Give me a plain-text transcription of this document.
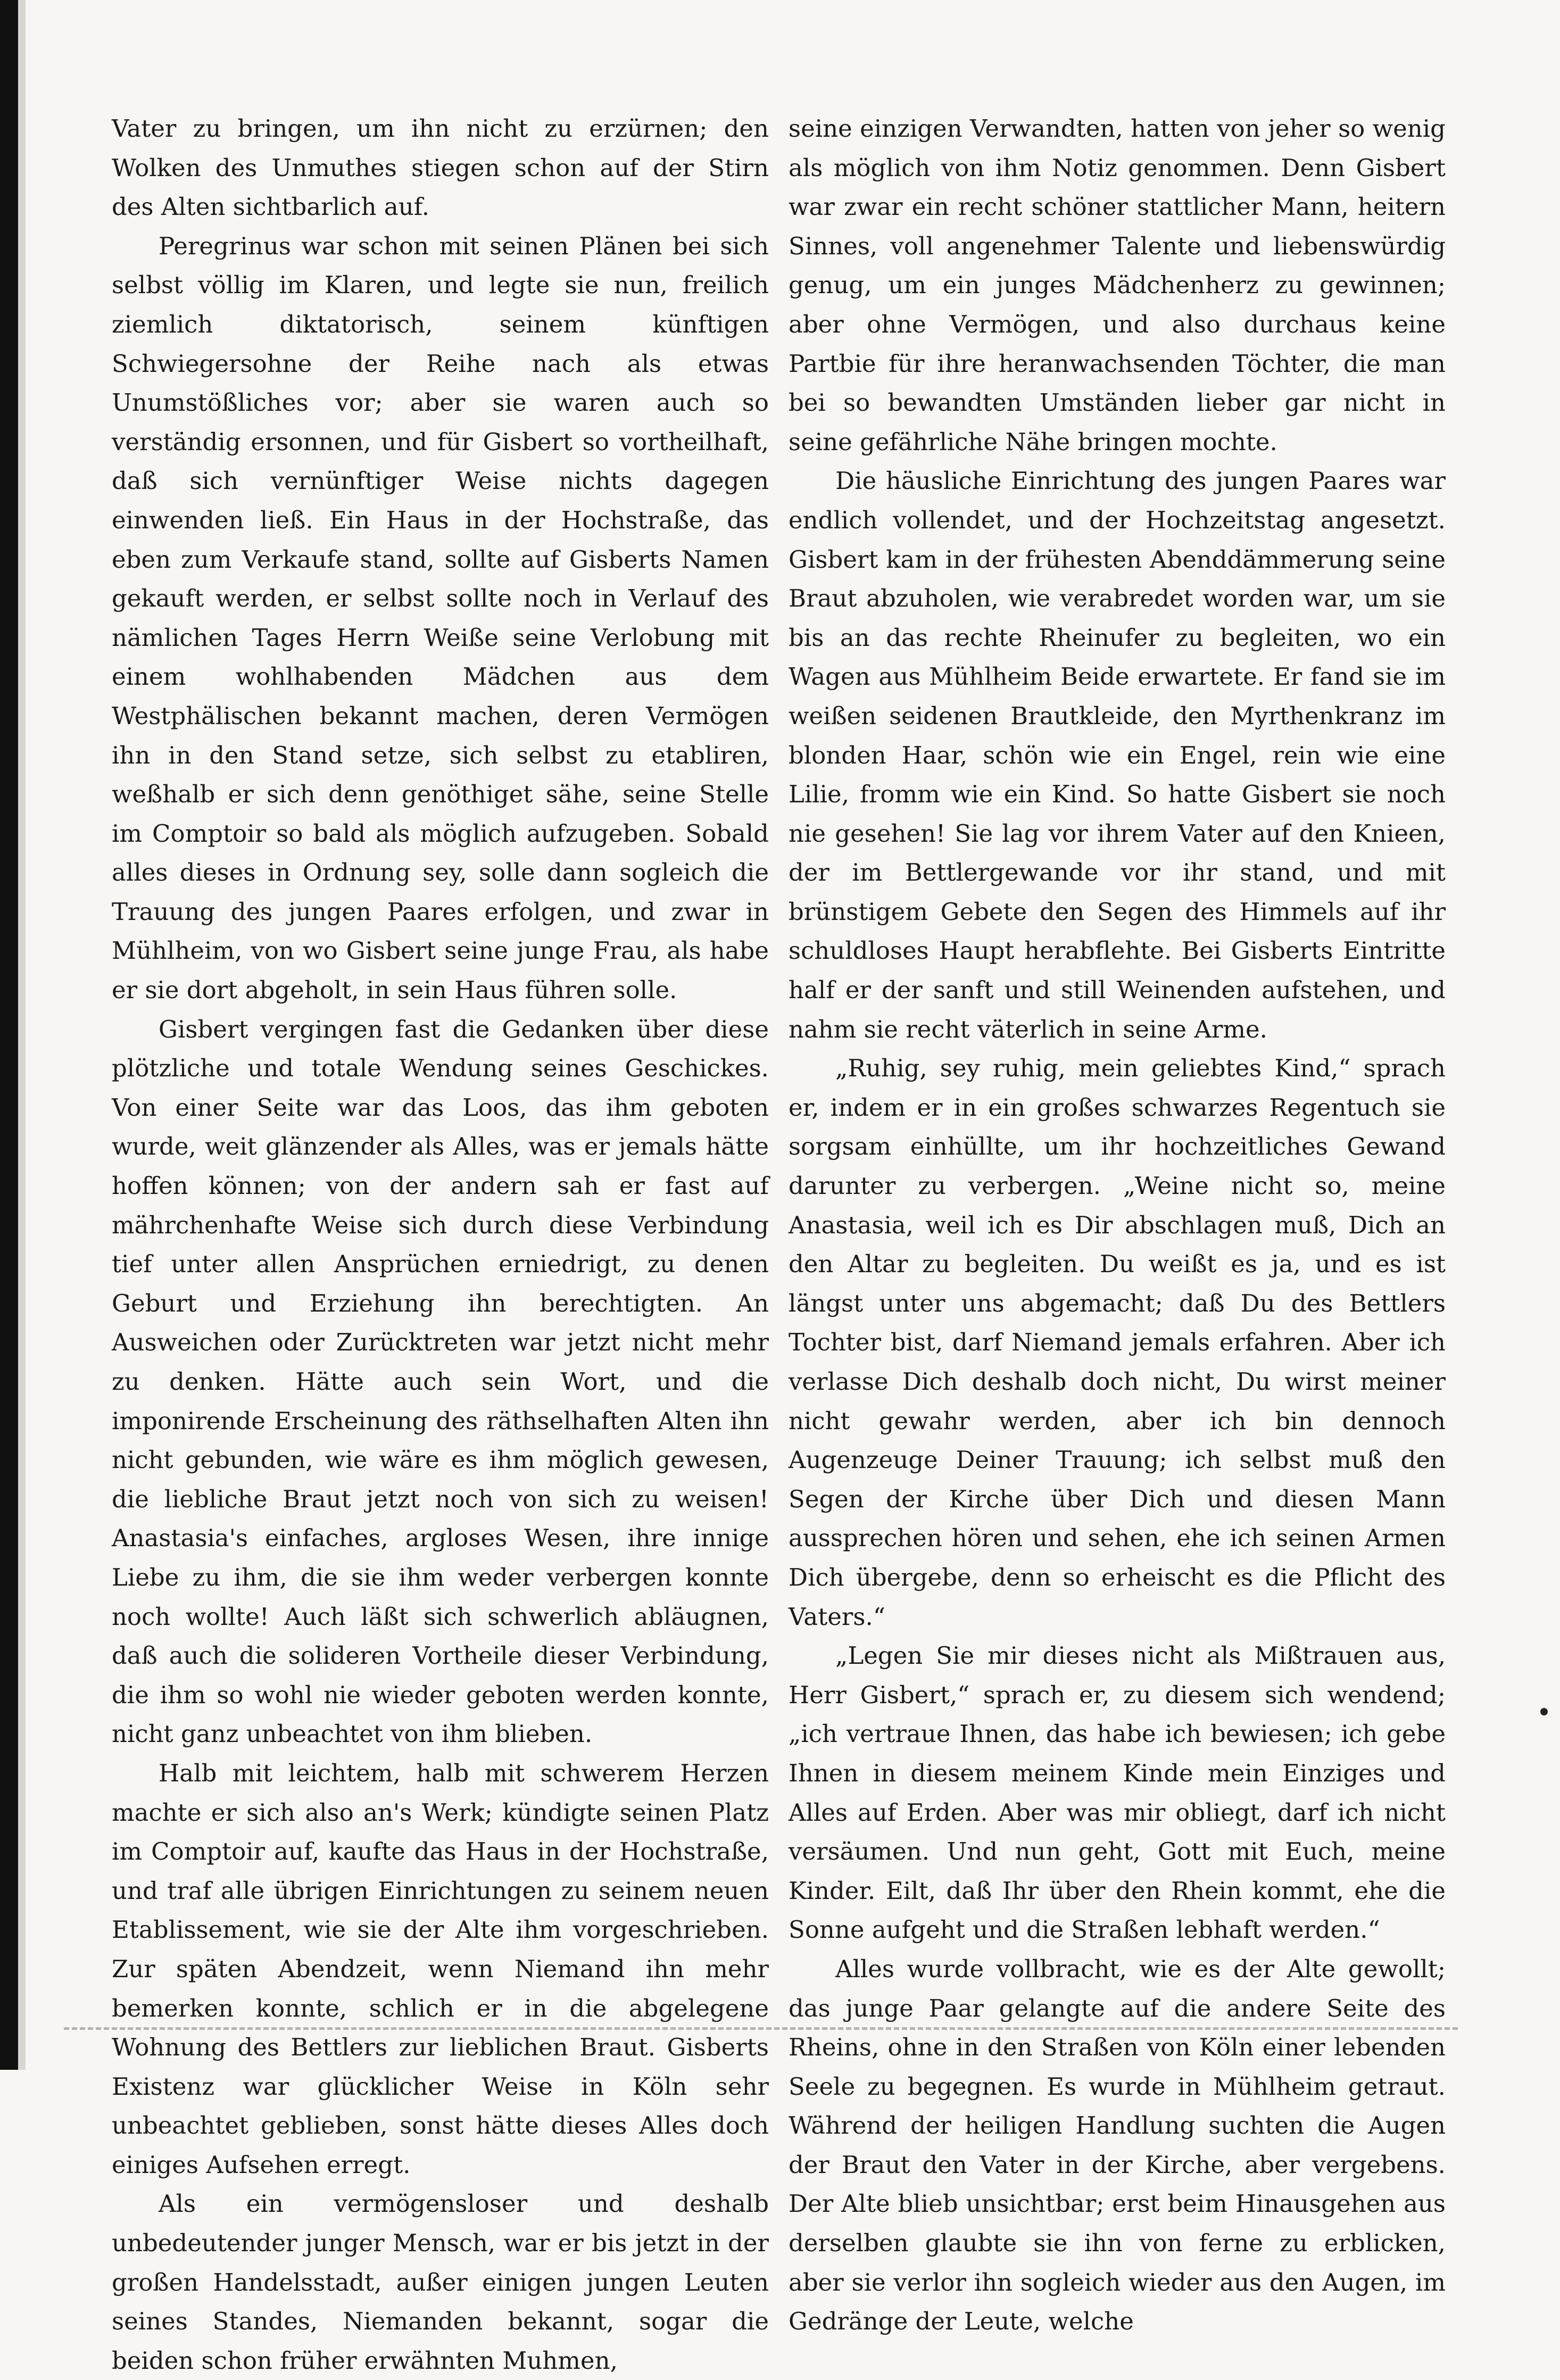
Vater zu bringen, um ihn nicht zu erzürnen; den Wolken des Unmuthes stiegen schon auf der Stirn des Alten sichtbarlich auf.

Peregrinus war schon mit seinen Plänen bei sich selbst völlig im Klaren, und legte sie nun, freilich ziemlich diktatorisch, seinem künftigen Schwiegersohne der Reihe nach als etwas Unumstößliches vor; aber sie waren auch so verständig ersonnen, und für Gisbert so vortheilhaft, daß sich vernünftiger Weise nichts dagegen einwenden ließ. Ein Haus in der Hochstraße, das eben zum Verkaufe stand, sollte auf Gisberts Namen gekauft werden, er selbst sollte noch in Verlauf des nämlichen Tages Herrn Weiße seine Verlobung mit einem wohlhabenden Mädchen aus dem Westphälischen bekannt machen, deren Vermögen ihn in den Stand setze, sich selbst zu etabliren, weßhalb er sich denn genöthiget sähe, seine Stelle im Comptoir so bald als möglich aufzugeben. Sobald alles dieses in Ordnung sey, solle dann sogleich die Trauung des jungen Paares erfolgen, und zwar in Mühlheim, von wo Gisbert seine junge Frau, als habe er sie dort abgeholt, in sein Haus führen solle.

Gisbert vergingen fast die Gedanken über diese plötzliche und totale Wendung seines Geschickes. Von einer Seite war das Loos, das ihm geboten wurde, weit glänzender als Alles, was er jemals hätte hoffen können; von der andern sah er fast auf mährchenhafte Weise sich durch diese Verbindung tief unter allen Ansprüchen erniedrigt, zu denen Geburt und Erziehung ihn berechtigten. An Ausweichen oder Zurücktreten war jetzt nicht mehr zu denken. Hätte auch sein Wort, und die imponirende Erscheinung des räthselhaften Alten ihn nicht gebunden, wie wäre es ihm möglich gewesen, die liebliche Braut jetzt noch von sich zu weisen! Anastasia's einfaches, argloses Wesen, ihre innige Liebe zu ihm, die sie ihm weder verbergen konnte noch wollte! Auch läßt sich schwerlich abläugnen, daß auch die solideren Vortheile dieser Verbindung, die ihm so wohl nie wieder geboten werden konnte, nicht ganz unbeachtet von ihm blieben.

Halb mit leichtem, halb mit schwerem Herzen machte er sich also an's Werk; kündigte seinen Platz im Comptoir auf, kaufte das Haus in der Hochstraße, und traf alle übrigen Einrichtungen zu seinem neuen Etablissement, wie sie der Alte ihm vorgeschrieben. Zur späten Abendzeit, wenn Niemand ihn mehr bemerken konnte, schlich er in die abgelegene Wohnung des Bettlers zur lieblichen Braut. Gisberts Existenz war glücklicher Weise in Köln sehr unbeachtet geblieben, sonst hätte dieses Alles doch einiges Aufsehen erregt.

Als ein vermögensloser und deshalb unbedeutender junger Mensch, war er bis jetzt in der großen Handelsstadt, außer einigen jungen Leuten seines Standes, Niemanden bekannt, sogar die beiden schon früher erwähnten Muhmen,

seine einzigen Verwandten, hatten von jeher so wenig als möglich von ihm Notiz genommen. Denn Gisbert war zwar ein recht schöner stattlicher Mann, heitern Sinnes, voll angenehmer Talente und liebenswürdig genug, um ein junges Mädchenherz zu gewinnen; aber ohne Vermögen, und also durchaus keine Partbie für ihre heranwachsenden Töchter, die man bei so bewandten Umständen lieber gar nicht in seine gefährliche Nähe bringen mochte.

Die häusliche Einrichtung des jungen Paares war endlich vollendet, und der Hochzeitstag angesetzt. Gisbert kam in der frühesten Abenddämmerung seine Braut abzuholen, wie verabredet worden war, um sie bis an das rechte Rheinufer zu begleiten, wo ein Wagen aus Mühlheim Beide erwartete. Er fand sie im weißen seidenen Brautkleide, den Myrthenkranz im blonden Haar, schön wie ein Engel, rein wie eine Lilie, fromm wie ein Kind. So hatte Gisbert sie noch nie gesehen! Sie lag vor ihrem Vater auf den Knieen, der im Bettlergewande vor ihr stand, und mit brünstigem Gebete den Segen des Himmels auf ihr schuldloses Haupt herabflehte. Bei Gisberts Eintritte half er der sanft und still Weinenden aufstehen, und nahm sie recht väterlich in seine Arme.

„Ruhig, sey ruhig, mein geliebtes Kind,“ sprach er, indem er in ein großes schwarzes Regentuch sie sorgsam einhüllte, um ihr hochzeitliches Gewand darunter zu verbergen. „Weine nicht so, meine Anastasia, weil ich es Dir abschlagen muß, Dich an den Altar zu begleiten. Du weißt es ja, und es ist längst unter uns abgemacht; daß Du des Bettlers Tochter bist, darf Niemand jemals erfahren. Aber ich verlasse Dich deshalb doch nicht, Du wirst meiner nicht gewahr werden, aber ich bin dennoch Augenzeuge Deiner Trauung; ich selbst muß den Segen der Kirche über Dich und diesen Mann aussprechen hören und sehen, ehe ich seinen Armen Dich übergebe, denn so erheischt es die Pflicht des Vaters.“

„Legen Sie mir dieses nicht als Mißtrauen aus, Herr Gisbert,“ sprach er, zu diesem sich wendend; „ich vertraue Ihnen, das habe ich bewiesen; ich gebe Ihnen in diesem meinem Kinde mein Einziges und Alles auf Erden. Aber was mir obliegt, darf ich nicht versäumen. Und nun geht, Gott mit Euch, meine Kinder. Eilt, daß Ihr über den Rhein kommt, ehe die Sonne aufgeht und die Straßen lebhaft werden.“

Alles wurde vollbracht, wie es der Alte gewollt; das junge Paar gelangte auf die andere Seite des Rheins, ohne in den Straßen von Köln einer lebenden Seele zu begegnen. Es wurde in Mühlheim getraut. Während der heiligen Handlung suchten die Augen der Braut den Vater in der Kirche, aber vergebens. Der Alte blieb unsichtbar; erst beim Hinausgehen aus derselben glaubte sie ihn von ferne zu erblicken, aber sie verlor ihn sogleich wieder aus den Augen, im Gedränge der Leute, welche
